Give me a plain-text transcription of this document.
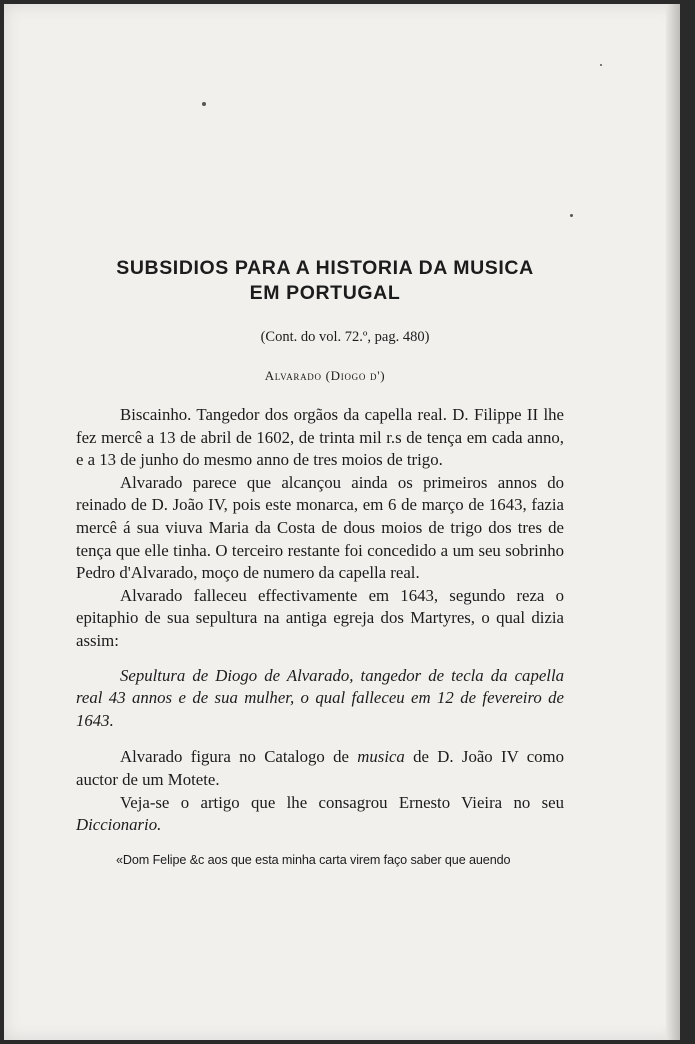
SUBSIDIOS PARA A HISTORIA DA MUSICA
EM PORTUGAL
(Cont. do vol. 72.º, pag. 480)
Alvarado (Diogo d')

Biscainho. Tangedor dos orgãos da capella real. D. Filippe II lhe fez mercê a 13 de abril de 1602, de trinta mil r.s de tença em cada anno, e a 13 de junho do mesmo anno de tres moios de trigo.

Alvarado parece que alcançou ainda os primeiros annos do reinado de D. João IV, pois este monarca, em 6 de março de 1643, fazia mercê á sua viuva Maria da Costa de dous moios de trigo dos tres de tença que elle tinha. O terceiro restante foi concedido a um seu sobrinho Pedro d'Alvarado, moço de numero da capella real.

Alvarado falleceu effectivamente em 1643, segundo reza o epitaphio de sua sepultura na antiga egreja dos Martyres, o qual dizia assim:

Sepultura de Diogo de Alvarado, tangedor de tecla da capella real 43 annos e de sua mulher, o qual falleceu em 12 de fevereiro de 1643.

Alvarado figura no Catalogo de musica de D. João IV como auctor de um Motete.

Veja-se o artigo que lhe consagrou Ernesto Vieira no seu Diccionario.

«Dom Felipe &c aos que esta minha carta virem faço saber que auendo
